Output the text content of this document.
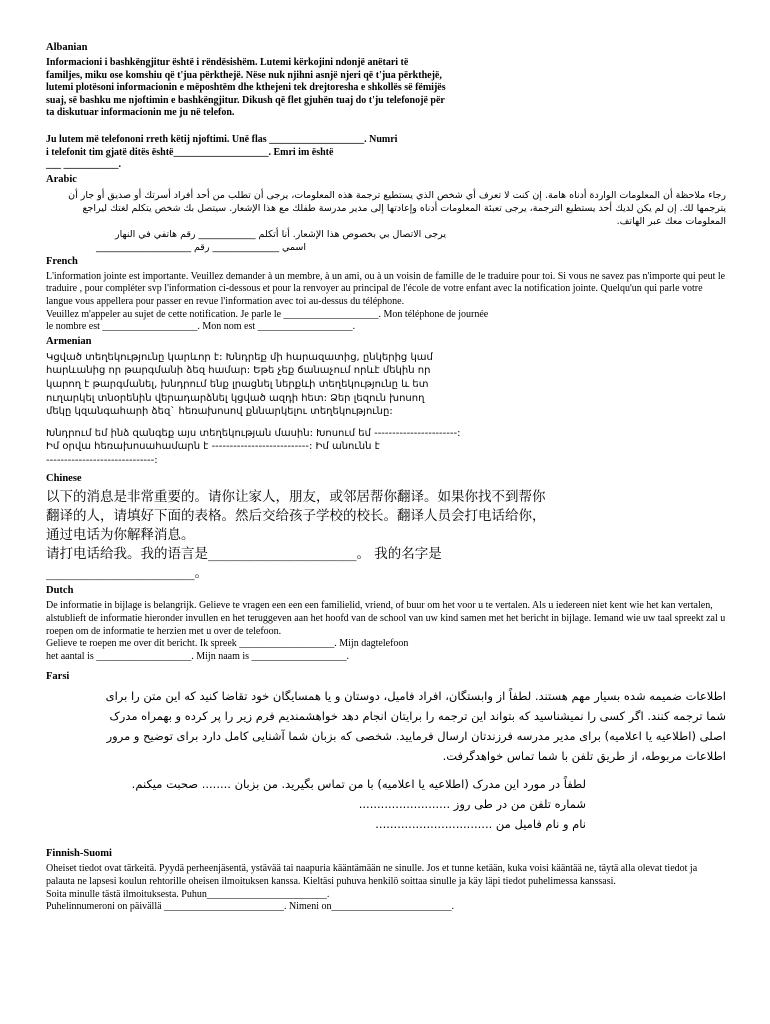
Albanian
Informacioni i bashkëngjitur është i rëndësishëm. Lutemi kërkojini ndonjë anëtari të familjes, miku ose komshiu që t'jua përkthejë. Nëse nuk njihni asnjë njeri që t'jua përkthejë, lutemi plotësoni informacionin e mëposhtëm dhe kthejeni tek drejtoresha e shkollës së fëmijës suaj, së bashku me njoftimin e bashkëngjitur. Dikush që flet gjuhën tuaj do t'ju telefonojë për ta diskutuar informacionin me ju në telefon.
Ju lutem më telefononi rreth këtij njoftimi. Unë flas ___________________. Numri
i telefonit tim gjatë ditës është___________________. Emri im është
___ ___________.
Arabic
رجاء ملاحظة أن المعلومات الواردة أدناه هامة. إن كنت لا تعرف أي شخص الذي يستطيع ترجمة هذه المعلومات، يرجى أن تطلب من أحد أفراد أسرتك أو صديق أو جار أن يترجمها لك. إن لم يكن لديك أحد يستطيع الترجمة، يرجى تعبئة المعلومات أدناه وإعادتها إلى مدير مدرسة طفلك مع هذا الإشعار. سيتصل بك شخص يتكلم لغتك ليراجع المعلومات معك عبر الهاتف.
يرجى الاتصال بي بخصوص هذا الإشعار. أنا أتكلم ____________ رقم هاتفي في النهار
اسمي ______________ رقم ____________________
French
L'information jointe est importante. Veuillez demander à un membre, à un ami, ou à un voisin de famille de le traduire pour toi. Si vous ne savez pas n'importe qui peut le traduire , pour compléter svp l'information ci-dessous et pour la renvoyer au principal de l'école de votre enfant avec la notification jointe. Quelqu'un qui parle votre langue vous appellera pour passer en revue l'information avec toi au-dessus du téléphone.
Veuillez m'appeler au sujet de cette notification. Je parle le ___________________. Mon téléphone de journée
le nombre est ___________________. Mon nom est ___________________.
Armenian
Կցված տեղեկությունը կարևոր է: Խնդրեք մի հարազատից, ընկերից կամ հարևանից որ թարգմանի ձեզ համար: Եթե չեք ճանաչում որևէ մեկին որ կարող է թարգմանել, խնդրում ենք լրացնել ներքևի տեղեկությունը և ետ ուղարկել տնօրենին վերադարձնել կցված ազդի հետ: Ձեր լեզուն խոսող մեկը կզանգահարի ձեզ` հեռախոսով քննարկելու տեղեկությունը:
Խնդրում եմ ինձ զանգեք այս տեղեկության մասին: Խոսում եմ -----------------------:
Իմ օրվա հեռախոսահամարն է ---------------------------: Իմ անունն է
------------------------------:
Chinese
以下的消息是非常重要的。请你让家人，朋友，或邻居帮你翻译。如果你找不到帮你翻译的人，请填好下面的表格。然后交给孩子学校的校长。翻译人员会打电话给你，通过电话为你解释消息。
请打电话给我。我的语言是______________________。 我的名字是
______________________。
Dutch
De informatie in bijlage is belangrijk. Gelieve te vragen een een een familielid, vriend, of buur om het voor u te vertalen. Als u iedereen niet kent wie het kan vertalen, alstublieft de informatie hieronder invullen en het teruggeven aan het hoofd van de school van uw kind samen met het bericht in bijlage. Iemand wie uw taal spreekt zal u roepen om de informatie te herzien met u over de telefoon.
Gelieve te roepen me over dit bericht. Ik spreek ___________________. Mijn dagtelefoon
het aantal is ___________________. Mijn naam is ___________________.
Farsi
اطلاعات ضمیمه شده بسیار مهم هستند. لطفاً از وابستگان، افراد فامیل، دوستان و یا همسایگان خود تقاضا کنید که این متن را برای شما ترجمه کنند. اگر کسی را نمیشناسید که بتواند این ترجمه را برایتان انجام دهد خواهشمندیم فرم زیر را پر کرده و بهمراه مدرک اصلی (اطلاعیه یا اعلامیه) برای مدیر مدرسه فرزندتان ارسال فرمایید. شخصی که بزبان شما آشنایی کامل دارد برای توضیح و مرور اطلاعات مربوطه، از طریق تلفن با شما تماس خواهدگرفت.
لطفاً در مورد این مدرک (اطلاعیه یا اعلامیه) با من تماس بگیرید. من بزبان ........ صحبت میکنم.
شماره تلفن من در طی روز .........................
نام و نام فامیل من ................................
Finnish-Suomi
Oheiset tiedot ovat tärkeitä. Pyydä perheenjäsentä, ystävää tai naapuria kääntämään ne sinulle. Jos et tunne ketään, kuka voisi kääntää ne, täytä alla olevat tiedot ja palauta ne lapsesi koulun rehtorille oheisen ilmoituksen kanssa. Kieltäsi puhuva henkilö soittaa sinulle ja käy läpi tiedot puhelimessa kanssasi.
Soita minulle tästä ilmoituksesta. Puhun________________________.
Puhelinnumeroni on päivällä ________________________. Nimeni on________________________.
